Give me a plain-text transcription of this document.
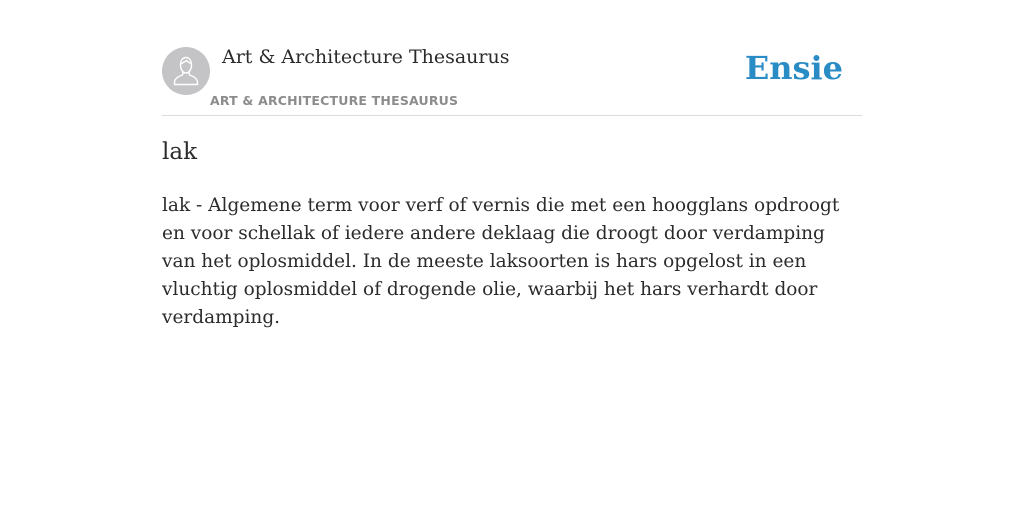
Art & Architecture Thesaurus
ART & ARCHITECTURE THESAURUS
Ensie
lak

lak - Algemene term voor verf of vernis die met een hoogglans opdroogt en voor schellak of iedere andere deklaag die droogt door verdamping van het oplosmiddel. In de meeste laksoorten is hars opgelost in een vluchtig oplosmiddel of drogende olie, waarbij het hars verhardt door verdamping.
